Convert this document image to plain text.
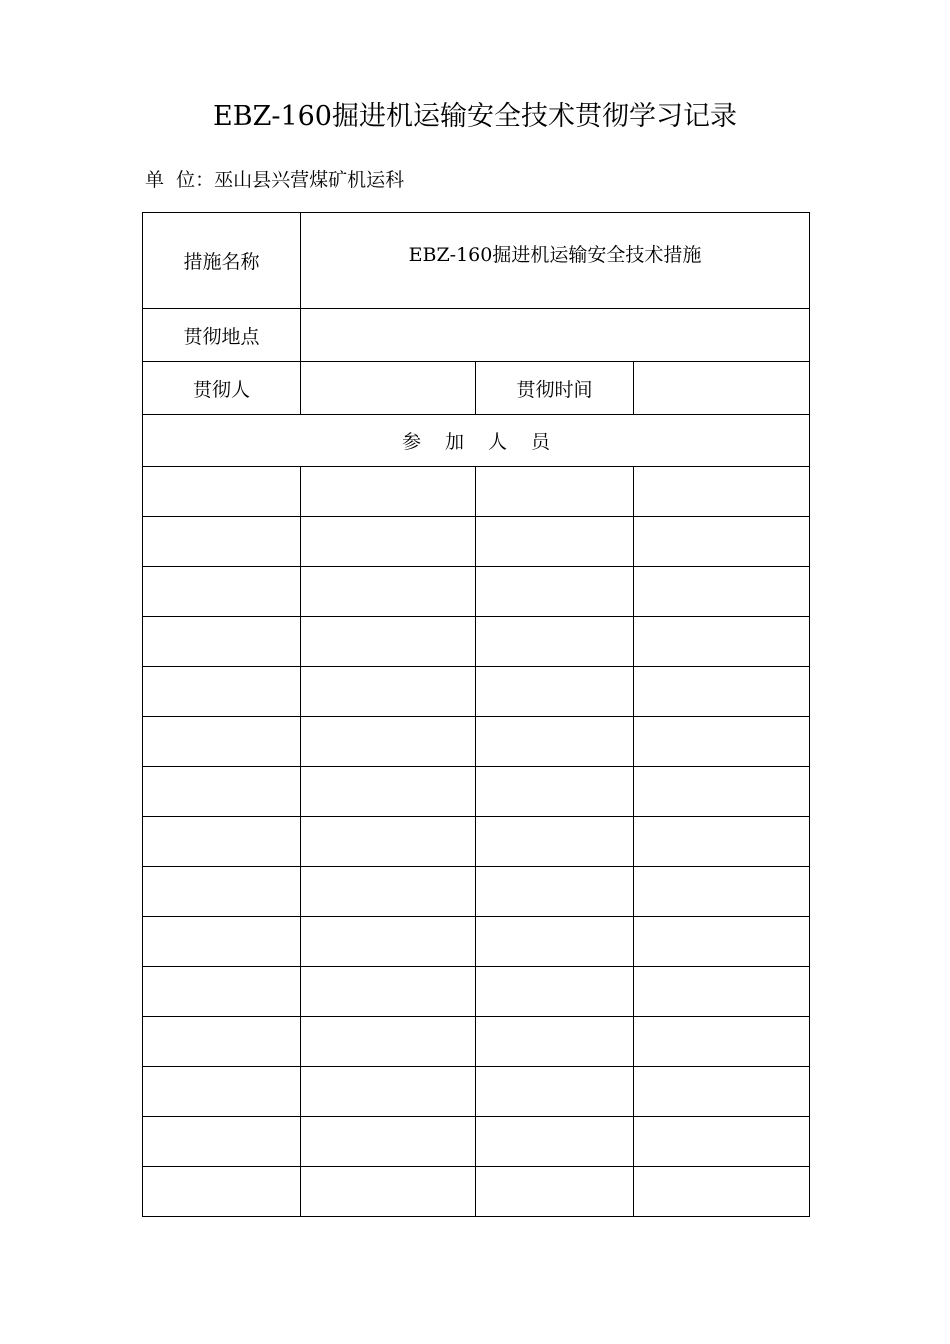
EBZ-160掘进机运输安全技术贯彻学习记录
单  位：巫山县兴营煤矿机运科
措施名称	EBZ-160掘进机运输安全技术措施		
贯彻地点			
贯彻人		贯彻时间	
参 加 人 员			
